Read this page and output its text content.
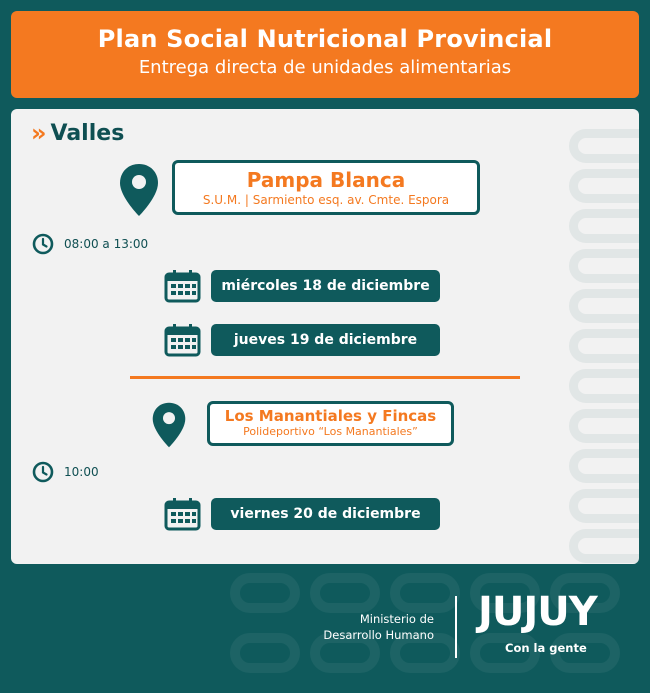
Plan Social Nutricional Provincial
Entrega directa de unidades alimentarias
» Valles
Pampa Blanca
S.U.M. | Sarmiento esq. av. Cmte. Espora
08:00 a 13:00
miércoles 18 de diciembre
jueves 19 de diciembre
Los Manantiales y Fincas
Polideportivo “Los Manantiales”
10:00
viernes 20 de diciembre
Ministerio de
Desarrollo Humano JUJUY
Con la gente
